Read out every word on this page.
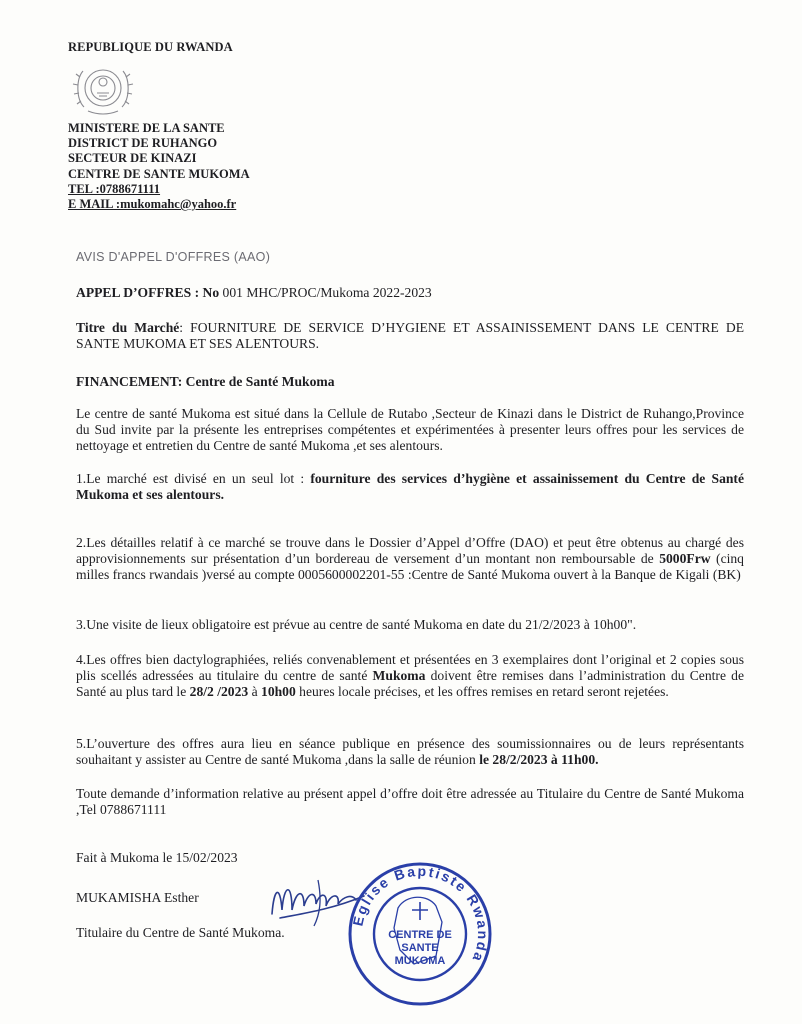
REPUBLIQUE DU RWANDA
MINISTERE DE LA SANTE
DISTRICT DE RUHANGO
SECTEUR DE KINAZI
CENTRE DE SANTE MUKOMA
TEL :0788671111
E MAIL :mukomahc@yahoo.fr
AVIS D'APPEL D'OFFRES (AAO)
APPEL D’OFFRES : No 001 MHC/PROC/Mukoma 2022-2023
Titre du Marché: FOURNITURE DE SERVICE D’HYGIENE ET ASSAINISSEMENT DANS LE CENTRE DE SANTE MUKOMA ET SES ALENTOURS.
FINANCEMENT: Centre de Santé Mukoma
Le centre de santé Mukoma est situé dans la Cellule de Rutabo ,Secteur de Kinazi dans le District de Ruhango,Province du Sud invite par la présente les entreprises compétentes et expérimentées à presenter leurs offres pour les services de nettoyage et entretien du Centre de santé Mukoma ,et ses alentours.
1.Le marché est divisé en un seul lot : fourniture des services d’hygiène et assainissement du Centre de Santé Mukoma et ses alentours.
2.Les détailles relatif à ce marché se trouve dans le Dossier d’Appel d’Offre (DAO) et peut être obtenus au chargé des approvisionnements sur présentation d’un bordereau de versement d’un montant non remboursable de 5000Frw (cinq milles francs rwandais )versé au compte 0005600002201-55 :Centre de Santé Mukoma ouvert à la Banque de Kigali (BK)
3.Une visite de lieux obligatoire est prévue au centre de santé Mukoma en date du 21/2/2023 à 10h00".
4.Les offres bien dactylographiées, reliés convenablement et présentées en 3 exemplaires dont l’original et 2 copies sous plis scellés adressées au titulaire du centre de santé Mukoma doivent être remises dans l’administration du Centre de Santé au plus tard le 28/2 /2023 à 10h00 heures locale précises, et les offres remises en retard seront rejetées.
5.L’ouverture des offres aura lieu en séance publique en présence des soumissionnaires ou de leurs représentants souhaitant y assister au Centre de santé Mukoma ,dans la salle de réunion le 28/2/2023 à 11h00.
Toute demande d’information relative au présent appel d’offre doit être adressée au Titulaire du Centre de Santé Mukoma ,Tel 0788671111
Fait à Mukoma le 15/02/2023
MUKAMISHA Esther
Titulaire du Centre de Santé Mukoma.	CENTRE DE
SANTE
MUKOMA
Eglise Baptiste Rwanda
